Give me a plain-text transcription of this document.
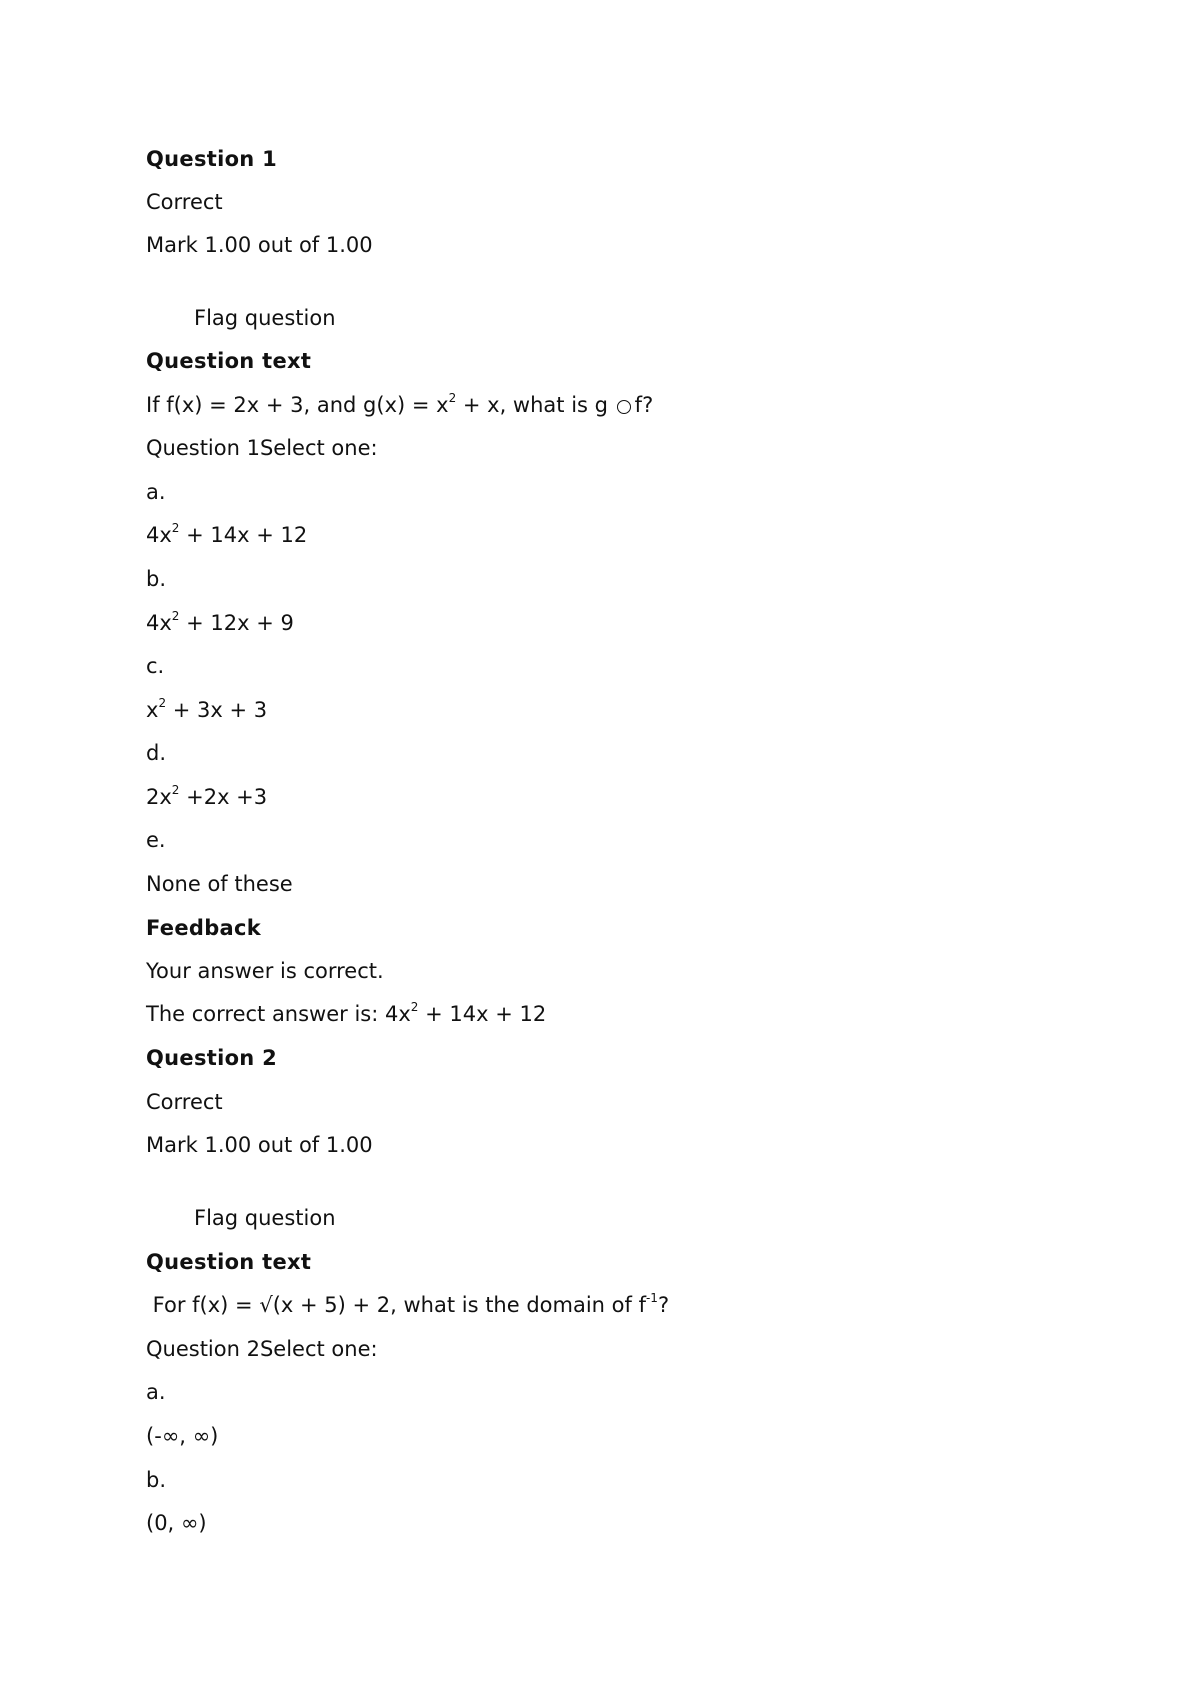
Question 1
Correct
Mark 1.00 out of 1.00
Flag question
Question text
If f(x) = 2x + 3, and $g(x) = x^2 + x$, what is g f?
Question 1Select one:
a.
$4x^2 + 14x + 12$
b.
$4x^2 + 12x + 9$
c.
$x^2 + 3x + 3$
d.
$2x^2 +2x +3$
e.
None of these
Feedback
Your answer is correct.
The correct answer is: $4x^2 + 14x + 12$
Question 2
Correct
Mark 1.00 out of 1.00
Flag question
Question text
For f(x) = √(x + 5) + 2, what is the domain of $f^{-1}$?
Question 2Select one:
a.
(-∞, ∞)
b.
(0, ∞)
